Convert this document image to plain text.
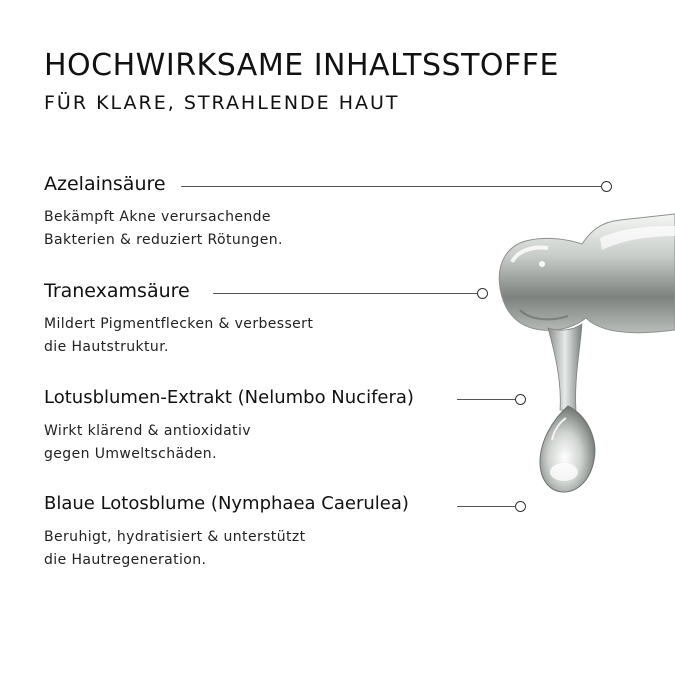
HOCHWIRKSAME INHALTSSTOFFE
FÜR KLARE, STRAHLENDE HAUT
Azelainsäure
Bekämpft Akne verursachende
Bakterien & reduziert Rötungen.
Tranexamsäure
Mildert Pigmentflecken & verbessert
die Hautstruktur.
Lotusblumen-Extrakt (Nelumbo Nucifera)
Wirkt klärend & antioxidativ
gegen Umweltschäden.
Blaue Lotosblume (Nymphaea Caerulea)
Beruhigt, hydratisiert & unterstützt
die Hautregeneration.
